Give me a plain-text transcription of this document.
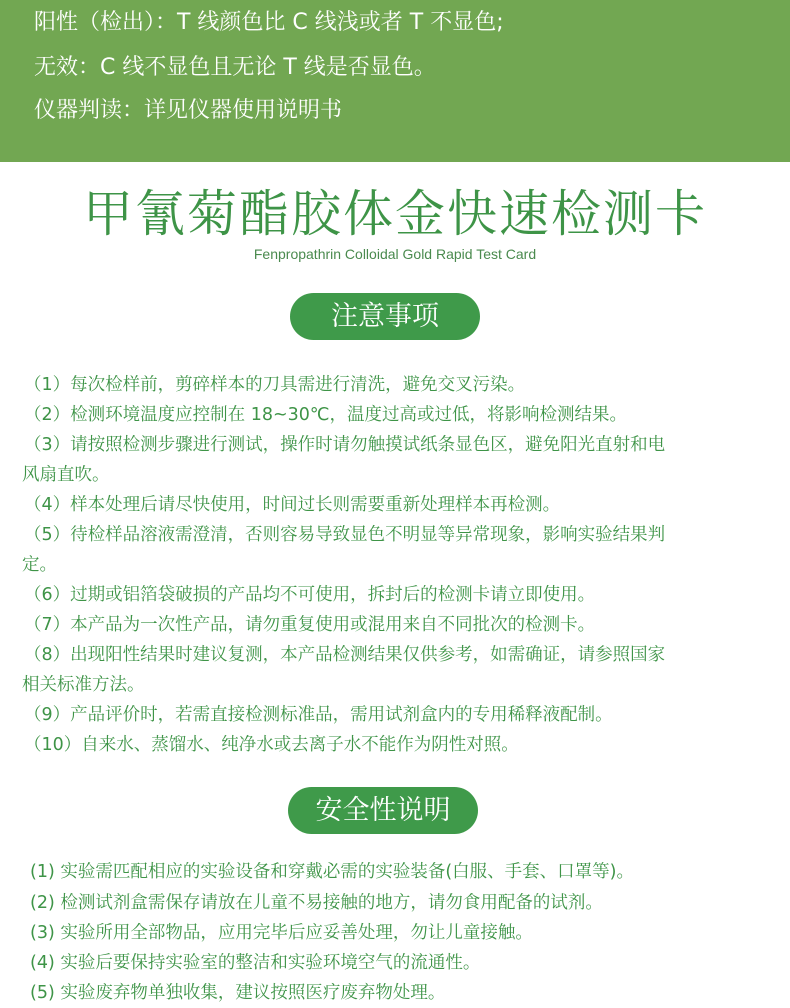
阳性（检出）：T 线颜色比 C 线浅或者 T 不显色;
无效：C 线不显色且无论 T 线是否显色。
仪器判读：详见仪器使用说明书
甲氰菊酯胶体金快速检测卡
Fenpropathrin Colloidal Gold Rapid Test Card
注意事项
（1）每次检样前，剪碎样本的刀具需进行清洗，避免交叉污染。
（2）检测环境温度应控制在 18~30℃，温度过高或过低，将影响检测结果。
（3）请按照检测步骤进行测试，操作时请勿触摸试纸条显色区，避免阳光直射和电
风扇直吹。
（4）样本处理后请尽快使用，时间过长则需要重新处理样本再检测。
（5）待检样品溶液需澄清，否则容易导致显色不明显等异常现象，影响实验结果判
定。
（6）过期或铝箔袋破损的产品均不可使用，拆封后的检测卡请立即使用。
（7）本产品为一次性产品，请勿重复使用或混用来自不同批次的检测卡。
（8）出现阳性结果时建议复测，本产品检测结果仅供参考，如需确证，请参照国家
相关标准方法。
（9）产品评价时，若需直接检测标准品，需用试剂盒内的专用稀释液配制。
（10）自来水、蒸馏水、纯净水或去离子水不能作为阴性对照。
安全性说明
(1) 实验需匹配相应的实验设备和穿戴必需的实验装备(白服、手套、口罩等)。
(2) 检测试剂盒需保存请放在儿童不易接触的地方，请勿食用配备的试剂。
(3) 实验所用全部物品，应用完毕后应妥善处理，勿让儿童接触。
(4) 实验后要保持实验室的整洁和实验环境空气的流通性。
(5) 实验废弃物单独收集，建议按照医疗废弃物处理。
